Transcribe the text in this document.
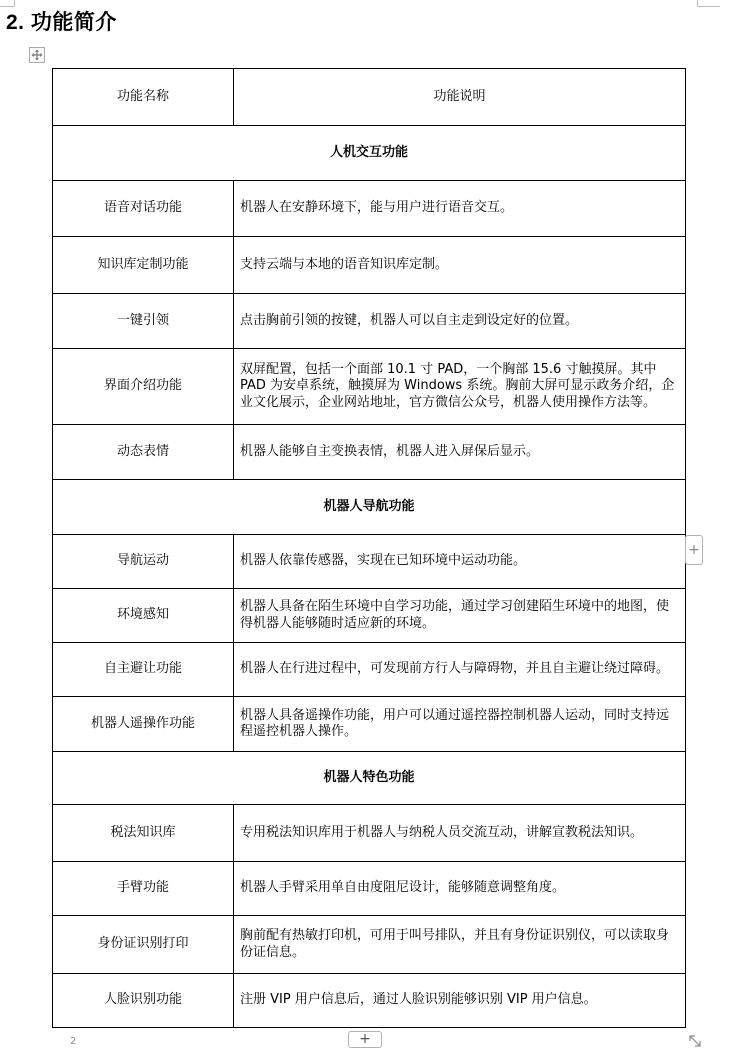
2. 功能简介
功能名称	功能说明
人机交互功能	
语音对话功能	机器人在安静环境下，能与用户进行语音交互。
知识库定制功能	支持云端与本地的语音知识库定制。
一键引领	点击胸前引领的按键，机器人可以自主走到设定好的位置。
界面介绍功能	双屏配置，包括一个面部 10.1 寸 PAD，一个胸部 15.6 寸触摸屏。其中 PAD 为安卓系统，触摸屏为 Windows 系统。胸前大屏可显示政务介绍，企业文化展示，企业网站地址，官方微信公众号，机器人使用操作方法等。
动态表情	机器人能够自主变换表情，机器人进入屏保后显示。
机器人导航功能	
导航运动	机器人依靠传感器，实现在已知环境中运动功能。
环境感知	机器人具备在陌生环境中自学习功能，通过学习创建陌生环境中的地图，使得机器人能够随时适应新的环境。
自主避让功能	机器人在行进过程中，可发现前方行人与障碍物，并且自主避让绕过障碍。
机器人遥操作功能	机器人具备遥操作功能，用户可以通过遥控器控制机器人运动，同时支持远程遥控机器人操作。
机器人特色功能	
税法知识库	专用税法知识库用于机器人与纳税人员交流互动，讲解宣教税法知识。
手臂功能	机器人手臂采用单自由度阻尼设计，能够随意调整角度。
身份证识别打印	胸前配有热敏打印机，可用于叫号排队，并且有身份证识别仪，可以读取身份证信息。
人脸识别功能	注册 VIP 用户信息后，通过人脸识别能够识别 VIP 用户信息。
+
2	+
